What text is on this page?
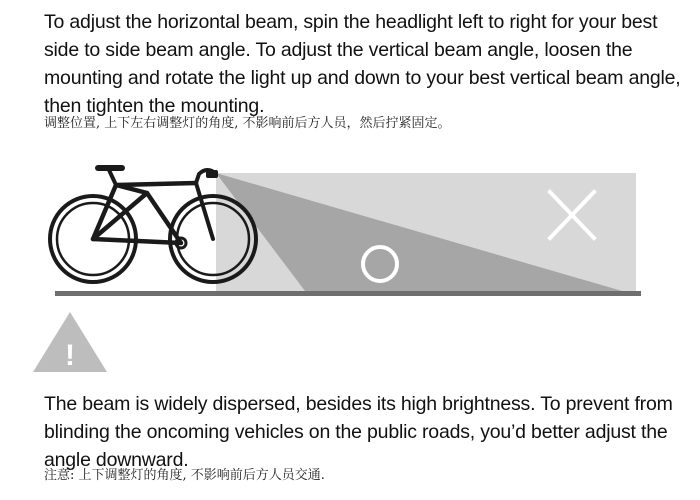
To adjust the horizontal beam, spin the headlight left to right for your best side to side beam angle. To adjust the vertical beam angle, loosen the mounting and rotate the light up and down to your best vertical beam angle, then tighten the mounting.

调整位置, 上下左右调整灯的角度, 不影响前后方人员，然后拧紧固定。

!

The beam is widely dispersed, besides its high brightness. To prevent from blinding the oncoming vehicles on the public roads, you’d better adjust the angle downward.

注意: 上下调整灯的角度, 不影响前后方人员交通.
